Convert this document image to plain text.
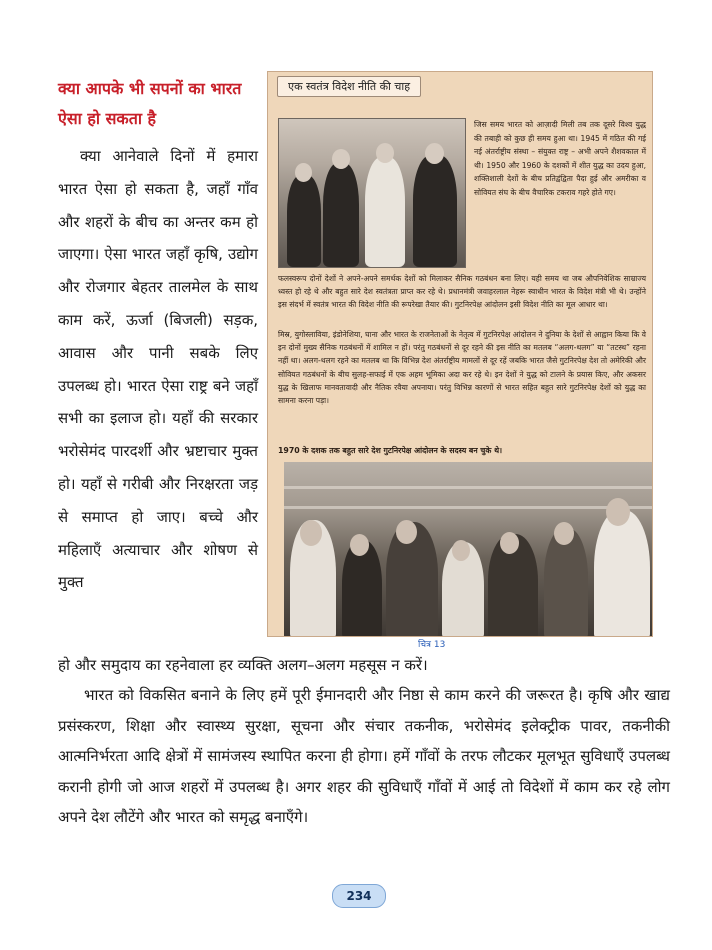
क्या आपके भी सपनों का भारत ऐसा हो सकता है

क्या आनेवाले दिनों में हमारा भारत ऐसा हो सकता है, जहाँ गाँव और शहरों के बीच का अन्तर कम हो जाएगा। ऐसा भारत जहाँ कृषि, उद्योग और रोजगार बेहतर तालमेल के साथ काम करें, ऊर्जा (बिजली) सड़क, आवास और पानी सबके लिए उपलब्ध हो। भारत ऐसा राष्ट्र बने जहाँ सभी का इलाज हो। यहाँ की सरकार भरोसेमंद पारदर्शी और भ्रष्टाचार मुक्त हो। यहाँ से गरीबी और निरक्षरता जड़ से समाप्त हो जाए। बच्चे और महिलाएँ अत्याचार और शोषण से मुक्त

हो और समुदाय का रहनेवाला हर व्यक्ति अलग–अलग महसूस न करें।

भारत को विकसित बनाने के लिए हमें पूरी ईमानदारी और निष्ठा से काम करने की जरूरत है। कृषि और खाद्य प्रसंस्करण, शिक्षा और स्वास्थ्य सुरक्षा, सूचना और संचार तकनीक, भरोसेमंद इलेक्ट्रीक पावर, तकनीकी आत्मनिर्भरता आदि क्षेत्रों में सामंजस्य स्थापित करना ही होगा। हमें गाँवों के तरफ लौटकर मूलभूत सुविधाएँ उपलब्ध करानी होगी जो आज शहरों में उपलब्ध है। अगर शहर की सुविधाएँ गाँवों में आई तो विदेशों में काम कर रहे लोग अपने देश लौटेंगे और भारत को समृद्ध बनाएँगे।

एक स्वतंत्र विदेश नीति की चाह

जिस समय भारत को आज़ादी मिली तब तक दूसरे विश्व युद्ध की तबाही को कुछ ही समय हुआ था। 1945 में गठित की गई नई अंतर्राष्ट्रीय संस्था – संयुक्त राष्ट्र – अभी अपने शैशवकाल में थी। 1950 और 1960 के दशकों में शीत युद्ध का उदय हुआ, शक्तिशाली देशों के बीच प्रतिद्वंद्विता पैदा हुई और अमरीका व सोवियत संघ के बीच वैचारिक टकराव गहरे होते गए।

फलस्वरूप दोनों देशों ने अपने-अपने समर्थक देशों को मिलाकर सैनिक गठबंधन बना लिए। यही समय था जब औपनिवेशिक साम्राज्य ध्वस्त हो रहे थे और बहुत सारे देश स्वतंत्रता प्राप्त कर रहे थे। प्रधानमंत्री जवाहरलाल नेहरू स्वाधीन भारत के विदेश मंत्री भी थे। उन्होंने इस संदर्भ में स्वतंत्र भारत की विदेश नीति की रूपरेखा तैयार की। गुटनिरपेक्ष आंदोलन इसी विदेश नीति का मूल आधार था।

मिस्र, युगोस्लाविया, इंडोनेशिया, घाना और भारत के राजनेताओं के नेतृत्व में गुटनिरपेक्ष आंदोलन ने दुनिया के देशों से आह्वान किया कि वे इन दोनों मुख्य सैनिक गठबंधनों में शामिल न हों। परंतु गठबंधनों से दूर रहने की इस नीति का मतलब “अलग-थलग” या “तटस्थ” रहना नहीं था। अलग-थलग रहने का मतलब था कि विभिन्न देश अंतर्राष्ट्रीय मामलों से दूर रहें जबकि भारत जैसे गुटनिरपेक्ष देश तो अमेरिकी और सोवियत गठबंधनों के बीच सुलह-सफाई में एक अहम भूमिका अदा कर रहे थे। इन देशों ने युद्ध को टालने के प्रयास किए, और अकसर युद्ध के खिलाफ मानवतावादी और नैतिक रवैया अपनाया। परंतु विभिन्न कारणों से भारत सहित बहुत सारे गुटनिरपेक्ष देशों को युद्ध का सामना करना पड़ा।

1970 के दशक तक बहुत सारे देश गुटनिरपेक्ष आंदोलन के सदस्य बन चुके थे।

चित्र 13

234
